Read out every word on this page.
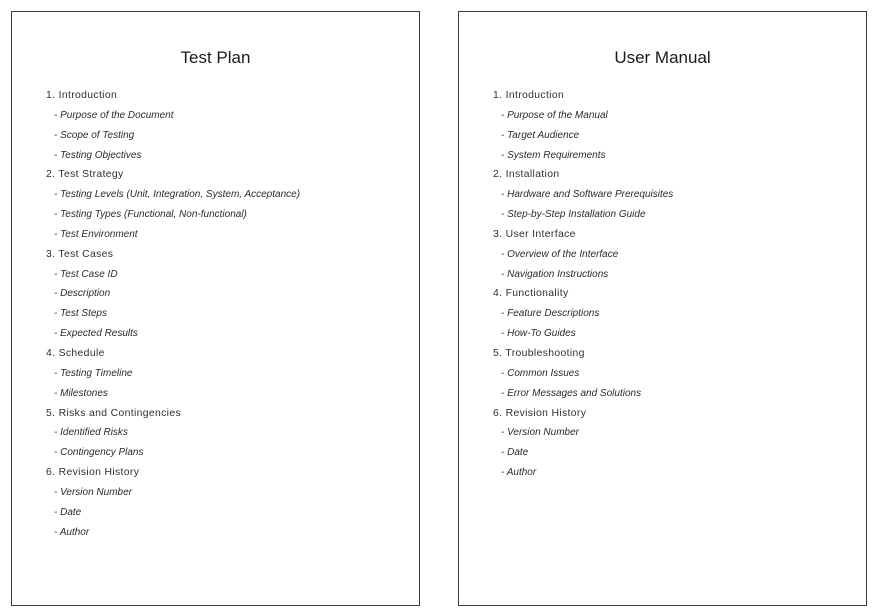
Test Plan
1. Introduction
- Purpose of the Document
- Scope of Testing
- Testing Objectives
2. Test Strategy
- Testing Levels (Unit, Integration, System, Acceptance)
- Testing Types (Functional, Non-functional)
- Test Environment
3. Test Cases
- Test Case ID
- Description
- Test Steps
- Expected Results
4. Schedule
- Testing Timeline
- Milestones
5. Risks and Contingencies
- Identified Risks
- Contingency Plans
6. Revision History
- Version Number
- Date
- Author
User Manual
1. Introduction
- Purpose of the Manual
- Target Audience
- System Requirements
2. Installation
- Hardware and Software Prerequisites
- Step-by-Step Installation Guide
3. User Interface
- Overview of the Interface
- Navigation Instructions
4. Functionality
- Feature Descriptions
- How-To Guides
5. Troubleshooting
- Common Issues
- Error Messages and Solutions
6. Revision History
- Version Number
- Date
- Author
